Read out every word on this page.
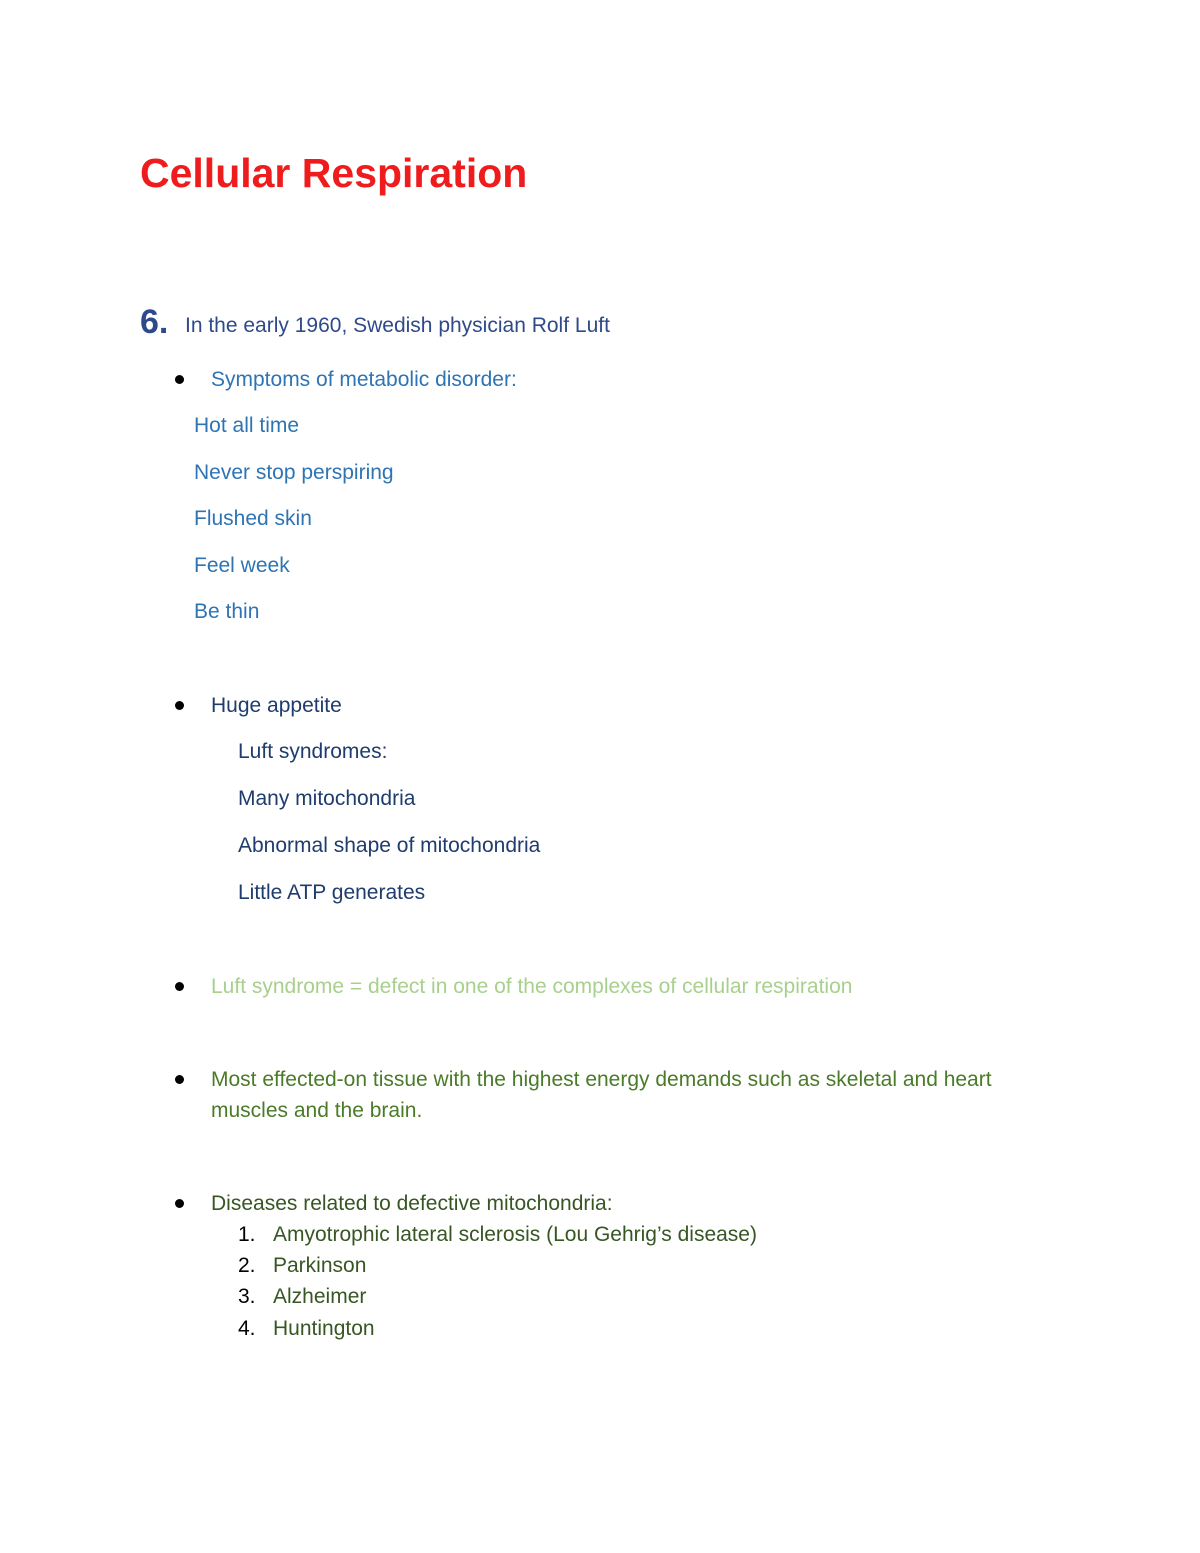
Cellular Respiration
6. In the early 1960, Swedish physician Rolf Luft
Symptoms of metabolic disorder:
Hot all time
Never stop perspiring
Flushed skin
Feel week
Be thin
Huge appetite
Luft syndromes:
Many mitochondria
Abnormal shape of mitochondria
Little ATP generates
Luft syndrome = defect in one of the complexes of cellular respiration
Most effected-on tissue with the highest energy demands such as skeletal and heart
muscles and the brain.
Diseases related to defective mitochondria:
1. Amyotrophic lateral sclerosis (Lou Gehrig’s disease)
2. Parkinson
3. Alzheimer
4. Huntington
